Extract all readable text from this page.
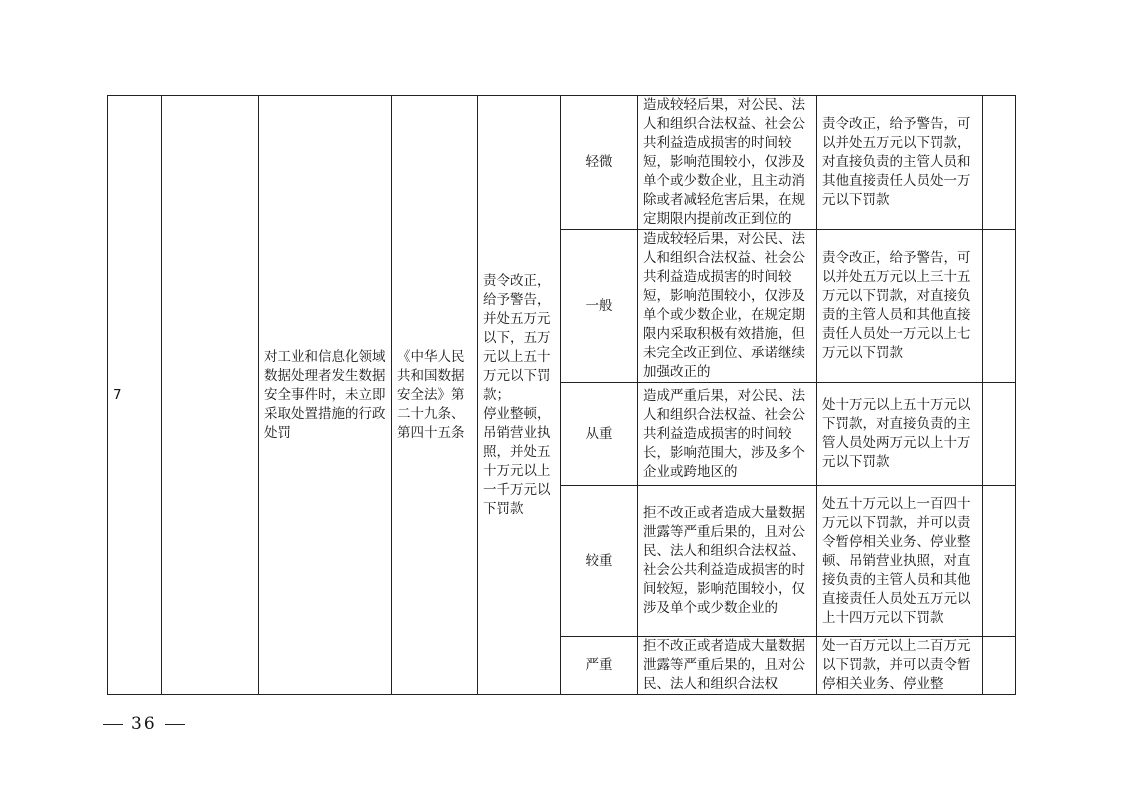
7		对工业和信息化领域数据处理者发生数据安全事件时，未立即采取处置措施的行政处罚	《中华人民共和国数据安全法》第二十九条、第四十五条	责令改正，给予警告，并处五万元以下，五万元以上五十万元以下罚款；
停业整顿，吊销营业执照，并处五十万元以上一千万元以下罚款	轻微	造成较轻后果，对公民、法人和组织合法权益、社会公共利益造成损害的时间较短，影响范围较小，仅涉及单个或少数企业，且主动消除或者减轻危害后果，在规定期限内提前改正到位的	责令改正，给予警告，可以并处五万元以下罚款，对直接负责的主管人员和其他直接责任人员处一万元以下罚款	
					一般	造成较轻后果，对公民、法人和组织合法权益、社会公共利益造成损害的时间较短，影响范围较小，仅涉及单个或少数企业，在规定期限内采取积极有效措施，但未完全改正到位、承诺继续加强改正的	责令改正，给予警告，可以并处五万元以上三十五万元以下罚款，对直接负责的主管人员和其他直接责任人员处一万元以上七万元以下罚款	
					从重	造成严重后果，对公民、法人和组织合法权益、社会公共利益造成损害的时间较长，影响范围大，涉及多个企业或跨地区的	处十万元以上五十万元以下罚款，对直接负责的主管人员处两万元以上十万元以下罚款	
					较重	拒不改正或者造成大量数据泄露等严重后果的，且对公民、法人和组织合法权益、社会公共利益造成损害的时间较短，影响范围较小，仅涉及单个或少数企业的	处五十万元以上一百四十万元以下罚款，并可以责令暂停相关业务、停业整顿、吊销营业执照，对直接负责的主管人员和其他直接责任人员处五万元以上十四万元以下罚款	
					严重	拒不改正或者造成大量数据泄露等严重后果的，且对公民、法人和组织合法权	处一百万元以上二百万元以下罚款，并可以责令暂停相关业务、停业整	
36
